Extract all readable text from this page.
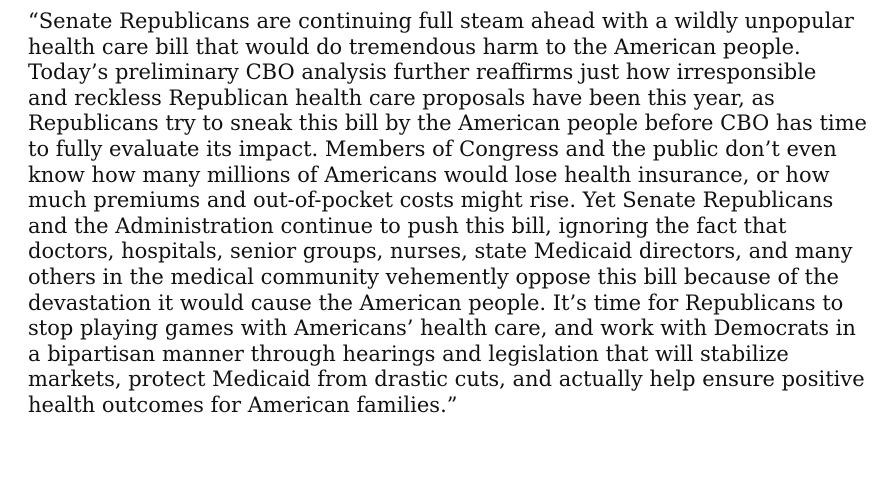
“Senate Republicans are continuing full steam ahead with a wildly unpopular
health care bill that would do tremendous harm to the American people.
Today’s preliminary CBO analysis further reaffirms just how irresponsible
and reckless Republican health care proposals have been this year, as
Republicans try to sneak this bill by the American people before CBO has time
to fully evaluate its impact. Members of Congress and the public don’t even
know how many millions of Americans would lose health insurance, or how
much premiums and out-of-pocket costs might rise. Yet Senate Republicans
and the Administration continue to push this bill, ignoring the fact that
doctors, hospitals, senior groups, nurses, state Medicaid directors, and many
others in the medical community vehemently oppose this bill because of the
devastation it would cause the American people. It’s time for Republicans to
stop playing games with Americans’ health care, and work with Democrats in
a bipartisan manner through hearings and legislation that will stabilize
markets, protect Medicaid from drastic cuts, and actually help ensure positive
health outcomes for American families.”
